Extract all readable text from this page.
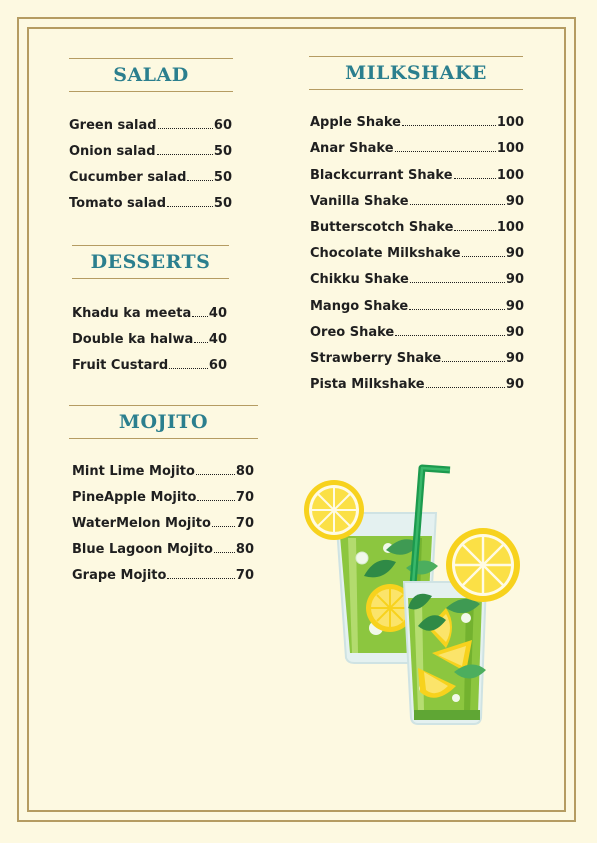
SALAD
Green salad	60
Onion salad	50
Cucumber salad 50
Tomato salad	50
DESSERTS
Khadu ka meeta 40
Double ka halwa 40
Fruit Custard	60
MOJITO
Mint Lime Mojito	80
PineApple Mojito	70
WaterMelon Mojito 70
Blue Lagoon Mojito 80
Grape Mojito	70
MILKSHAKE
Apple Shake	100
Anar Shake	100
Blackcurrant Shake	100
Vanilla Shake	90
Butterscotch Shake	100
Chocolate Milkshake	90
Chikku Shake	90
Mango Shake	90
Oreo Shake	90
Strawberry Shake	90
Pista Milkshake	90
